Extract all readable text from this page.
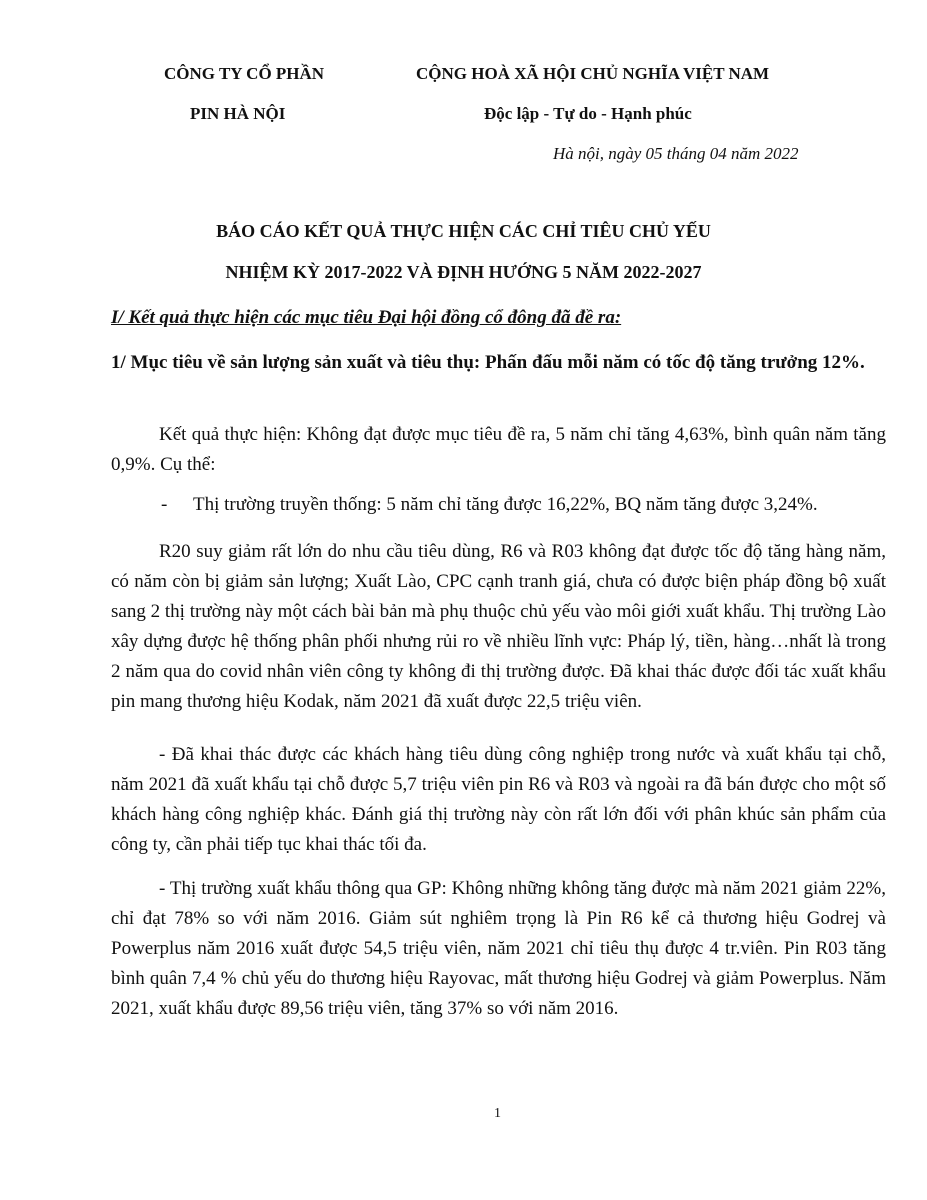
CÔNG TY CỔ PHẦN
PIN HÀ NỘI
CỘNG HOÀ XÃ HỘI CHỦ NGHĨA VIỆT NAM
Độc lập - Tự do - Hạnh phúc
Hà nội, ngày 05 tháng 04 năm 2022
BÁO CÁO KẾT QUẢ THỰC HIỆN CÁC CHỈ TIÊU CHỦ YẾU
NHIỆM KỲ 2017-2022 VÀ ĐỊNH HƯỚNG 5 NĂM 2022-2027
I/ Kết quả thực hiện các mục tiêu Đại hội đồng cổ đông đã đề ra:
1/ Mục tiêu về sản lượng sản xuất và tiêu thụ: Phấn đấu mỗi năm có tốc độ tăng trưởng 12%.
Kết quả thực hiện: Không đạt được mục tiêu đề ra, 5 năm chỉ tăng 4,63%, bình quân năm tăng 0,9%. Cụ thể:
- Thị trường truyền thống: 5 năm chỉ tăng được 16,22%, BQ năm tăng được 3,24%.
R20 suy giảm rất lớn do nhu cầu tiêu dùng, R6 và R03 không đạt được tốc độ tăng hàng năm, có năm còn bị giảm sản lượng; Xuất Lào, CPC cạnh tranh giá, chưa có được biện pháp đồng bộ xuất sang 2 thị trường này một cách bài bản mà phụ thuộc chủ yếu vào môi giới xuất khẩu. Thị trường Lào xây dựng được hệ thống phân phối nhưng rủi ro về nhiều lĩnh vực: Pháp lý, tiền, hàng…nhất là trong 2 năm qua do covid nhân viên công ty không đi thị trường được. Đã khai thác được đối tác xuất khẩu pin mang thương hiệu Kodak, năm 2021 đã xuất được 22,5 triệu viên.
- Đã khai thác được các khách hàng tiêu dùng công nghiệp trong nước và xuất khẩu tại chỗ, năm 2021 đã xuất khẩu tại chỗ được 5,7 triệu viên pin R6 và R03 và ngoài ra đã bán được cho một số khách hàng công nghiệp khác. Đánh giá thị trường này còn rất lớn đối với phân khúc sản phẩm của công ty, cần phải tiếp tục khai thác tối đa.
- Thị trường xuất khẩu thông qua GP: Không những không tăng được mà năm 2021 giảm 22%, chỉ đạt 78% so với năm 2016. Giảm sút nghiêm trọng là Pin R6 kể cả thương hiệu Godrej và Powerplus năm 2016 xuất được 54,5 triệu viên, năm 2021 chỉ tiêu thụ được 4 tr.viên. Pin R03 tăng bình quân 7,4 % chủ yếu do thương hiệu Rayovac, mất thương hiệu Godrej và giảm Powerplus. Năm 2021, xuất khẩu được 89,56 triệu viên, tăng 37% so với năm 2016.
1
